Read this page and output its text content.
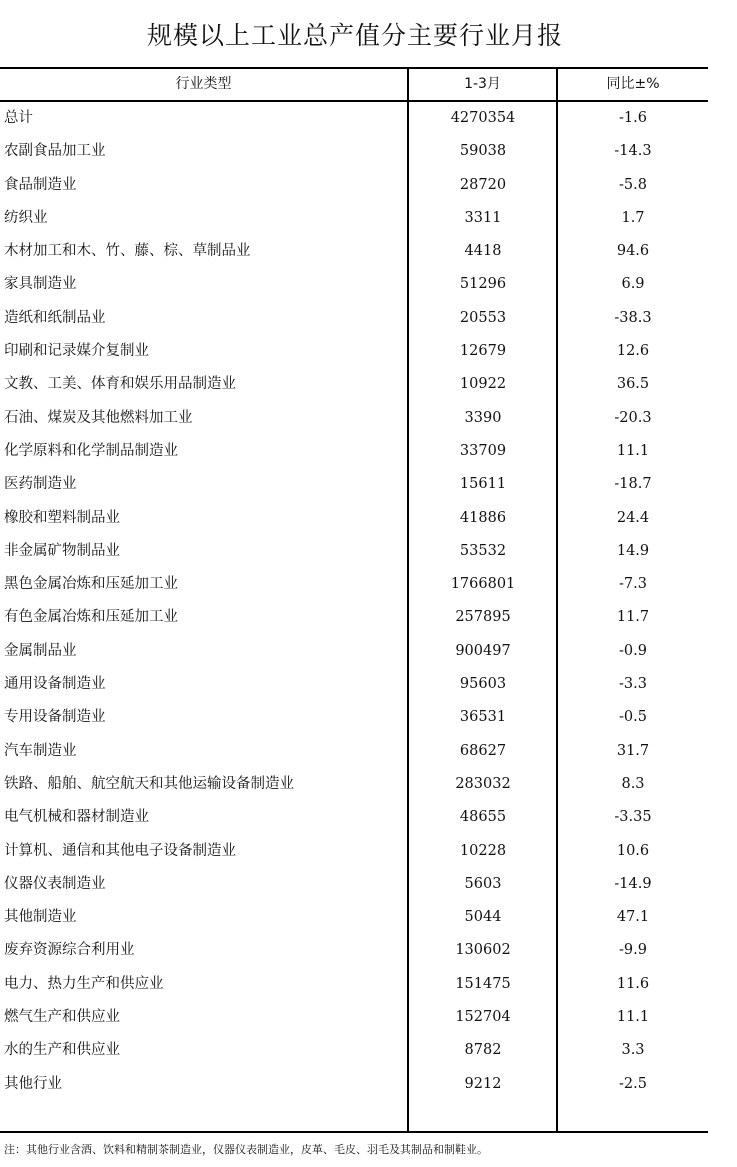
规模以上工业总产值分主要行业月报
行业类型	1-3月	同比±%
总计	4270354	-1.6
农副食品加工业	59038	-14.3
食品制造业	28720	-5.8
纺织业	3311	1.7
木材加工和木、竹、藤、棕、草制品业	4418	94.6
家具制造业	51296	6.9
造纸和纸制品业	20553	-38.3
印刷和记录媒介复制业	12679	12.6
文教、工美、体育和娱乐用品制造业	10922	36.5
石油、煤炭及其他燃料加工业	3390	-20.3
化学原料和化学制品制造业	33709	11.1
医药制造业	15611	-18.7
橡胶和塑料制品业	41886	24.4
非金属矿物制品业	53532	14.9
黑色金属冶炼和压延加工业	1766801	-7.3
有色金属冶炼和压延加工业	257895	11.7
金属制品业	900497	-0.9
通用设备制造业	95603	-3.3
专用设备制造业	36531	-0.5
汽车制造业	68627	31.7
铁路、船舶、航空航天和其他运输设备制造业	283032	8.3
电气机械和器材制造业	48655	-3.35
计算机、通信和其他电子设备制造业	10228	10.6
仪器仪表制造业	5603	-14.9
其他制造业	5044	47.1
废弃资源综合利用业	130602	-9.9
电力、热力生产和供应业	151475	11.6
燃气生产和供应业	152704	11.1
水的生产和供应业	8782	3.3
其他行业	9212	-2.5
注：其他行业含酒、饮料和精制茶制造业，仪器仪表制造业，皮革、毛皮、羽毛及其制品和制鞋业。
